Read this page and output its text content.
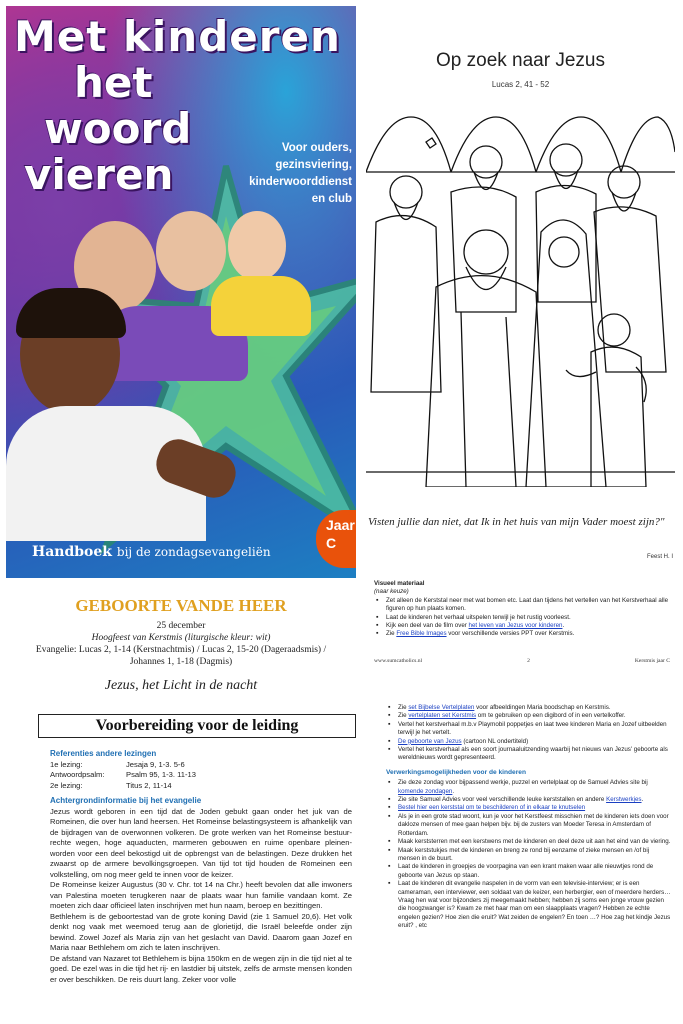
Met kinderen
het
woord
vieren
Voor ouders,
gezinsviering,
kinderwoorddienst
en club
Handboek bij de zondagsevangeliën
Jaar
C
Op zoek naar Jezus
Lucas 2, 41 - 52
Visten jullie dan niet, dat Ik in het huis van mijn Vader moest zijn?"
Feest H. I
GEBOORTE VANDE HEER
25 december
Hoogfeest van Kerstmis (liturgische kleur: wit)
Evangelie: Lucas 2, 1-14 (Kerstnachtmis) / Lucas 2, 15-20 (Dageraadsmis) /
Johannes 1, 1-18 (Dagmis)
Jezus, het Licht in de nacht
Voorbereiding voor de leiding
Referenties andere lezingen
1e lezing:	Jesaja 9, 1-3. 5-6
Antwoordpsalm:	Psalm 95, 1-3. 11-13
2e lezing:	Titus 2, 11-14
Achtergrondinformatie bij het evangelie
Jezus wordt geboren in een tijd dat de Joden gebukt gaan onder het juk van de Romeinen, die over hun land heersen. Het Romeinse belastingsysteem is afhankelijk van de bijdragen van de overwonnen volkeren. De grote werken van het Romeinse bestuur- rechte wegen, hoge aquaducten, marmeren gebouwen en ruime openbare pleinen- worden voor een deel bekostigd uit de opbrengst van de belastingen. Deze drukken het zwaarst op de armere bevolkingsgroepen. Van tijd tot tijd houden de Romeinen een volkstelling, om nog meer geld te innen voor de keizer.
De Romeinse keizer Augustus (30 v. Chr. tot 14 na Chr.) heeft bevolen dat alle inwoners van Palestina moeten terugkeren naar de plaats waar hun familie vandaan komt. Ze moeten zich daar officieel laten inschrijven met hun naam, beroep en bezittingen.
Bethlehem is de geboortestad van de grote koning David (zie 1 Samuel 20,6). Het volk denkt nog vaak met weemoed terug aan de glorietijd, die Israël beleefde onder zijn bewind. Zowel Jozef als Maria zijn van het geslacht van David. Daarom gaan Jozef en Maria naar Bethlehem om zich te laten inschrijven.
De afstand van Nazaret tot Bethlehem is bijna 150km en de wegen zijn in die tijd niet al te goed. De ezel was in die tijd het rij- en lastdier bij uitstek, zelfs de armste mensen konden er over beschikken. De reis duurt lang. Zeker voor volle
Visueel materiaal
(naar keuze)
▪ Zet alleen de Kerststal neer met wat bomen etc. Laat dan tijdens het vertellen van het Kerstverhaal alle figuren op hun plaats komen.
▪ Laat de kinderen het verhaal uitspelen terwijl je het rustig voorleest.
▪ Kijk een deel van de film over het leven van Jezus voor kinderen.
▪ Zie Free Bible Images voor verschillende versies PPT over Kerstmis.
www.sumcatholics.nl	2	Kerstmis jaar C
▪ Zie set Bijbelse Vertelplaten voor afbeeldingen Maria boodschap en Kerstmis.
▪ Zie vertelplaten set Kerstmis om te gebruiken op een digibord of in een vertelkoffer.
▪ Vertel het kerstverhaal m.b.v Playmobil poppetjes en laat twee kinderen Maria en Jozef uitbeelden terwijl je het vertelt.
▪ De geboorte van Jezus (cartoon NL ondertiteld)
▪ Vertel het kerstverhaal als een soort journaaluitzending waarbij het nieuws van Jezus' geboorte als wereldnieuws wordt gepresenteerd.
Verwerkingsmogelijkheden voor de kinderen
▪ Zie deze zondag voor bijpassend werkje, puzzel en vertelplaat op de Samuel Advies site bij komende zondagen.
▪ Zie site Samuel Advies voor veel verschillende leuke kerststallen en andere Kerstwerkjes.
▪ Bestel hier een kerststal om te beschilderen of in elkaar te knutselen
▪ Als je in een grote stad woont, kun je voor het Kerstfeest misschien met de kinderen iets doen voor dakloze mensen of mee gaan helpen bijv. bij de zusters van Moeder Teresa in Amsterdam of Rotterdam.
▪ Maak kerststerren met een kerstwens met de kinderen en deel deze uit aan het eind van de viering.
▪ Maak kerststukjes met de kinderen en breng ze rond bij eenzame of zieke mensen en /of bij mensen in de buurt.
▪ Laat de kinderen in groepjes de voorpagina van een krant maken waar alle nieuwtjes rond de geboorte van Jezus op staan.
▪ Laat de kinderen dit evangelie naspelen in de vorm van een televisie-interview; er is een cameraman, een interviewer, een soldaat van de keizer, een herbergier, een of meerdere herders… Vraag hen wat voor bijzonders zij meegemaakt hebben; hebben zij soms een jonge vrouw gezien die hoogzwanger is? Kwam ze met haar man om een slaapplaats vragen? Hebben ze echte engelen gezien? Hoe zien die eruit? Wat zeiden de engelen? En toen …? Hoe zag het kindje Jezus eruit? , etc
